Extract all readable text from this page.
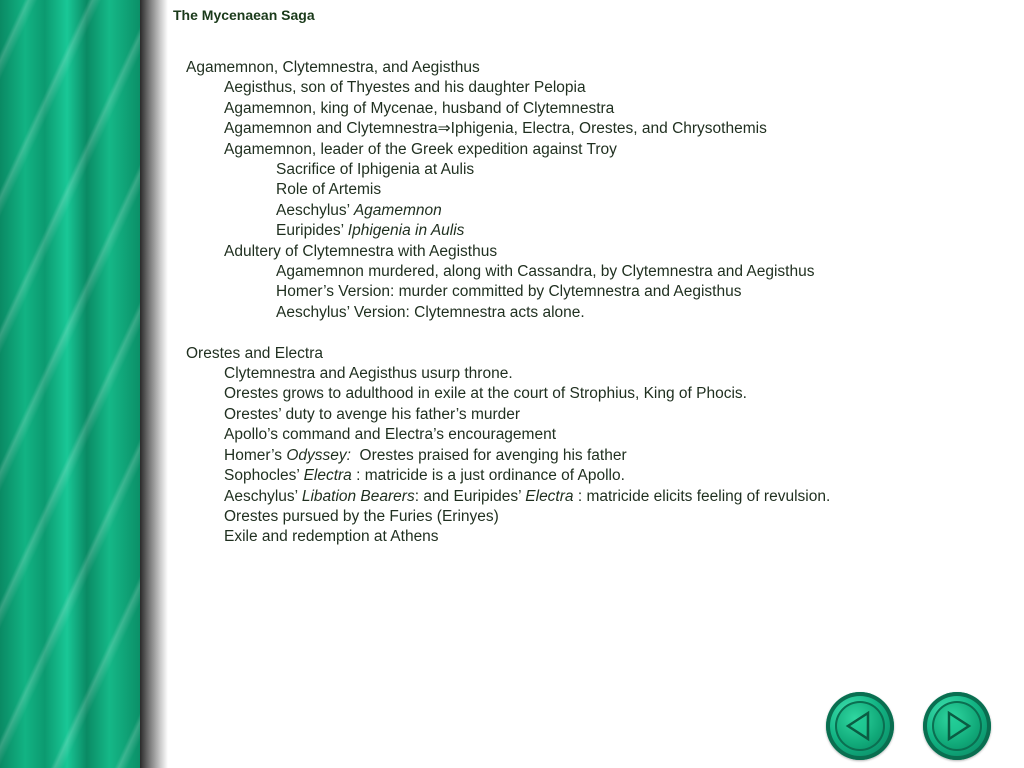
The Mycenaean Saga
Agamemnon, Clytemnestra, and Aegisthus
Aegisthus, son of Thyestes and his daughter Pelopia
Agamemnon, king of Mycenae, husband of Clytemnestra
Agamemnon and Clytemnestra⇒Iphigenia, Electra, Orestes, and Chrysothemis
Agamemnon, leader of the Greek expedition against Troy
Sacrifice of Iphigenia at Aulis
Role of Artemis
Aeschylus’ Agamemnon
Euripides’ Iphigenia in Aulis
Adultery of Clytemnestra with Aegisthus
Agamemnon murdered, along with Cassandra, by Clytemnestra and Aegisthus
Homer’s Version: murder committed by Clytemnestra and Aegisthus
Aeschylus’ Version: Clytemnestra acts alone.
Orestes and Electra
Clytemnestra and Aegisthus usurp throne.
Orestes grows to adulthood in exile at the court of Strophius, King of Phocis.
Orestes’ duty to avenge his father’s murder
Apollo’s command and Electra’s encouragement
Homer’s Odyssey:  Orestes praised for avenging his father
Sophocles’ Electra : matricide is a just ordinance of Apollo.
Aeschylus’ Libation Bearers: and Euripides’ Electra : matricide elicits feeling of revulsion.
Orestes pursued by the Furies (Erinyes)
Exile and redemption at Athens
